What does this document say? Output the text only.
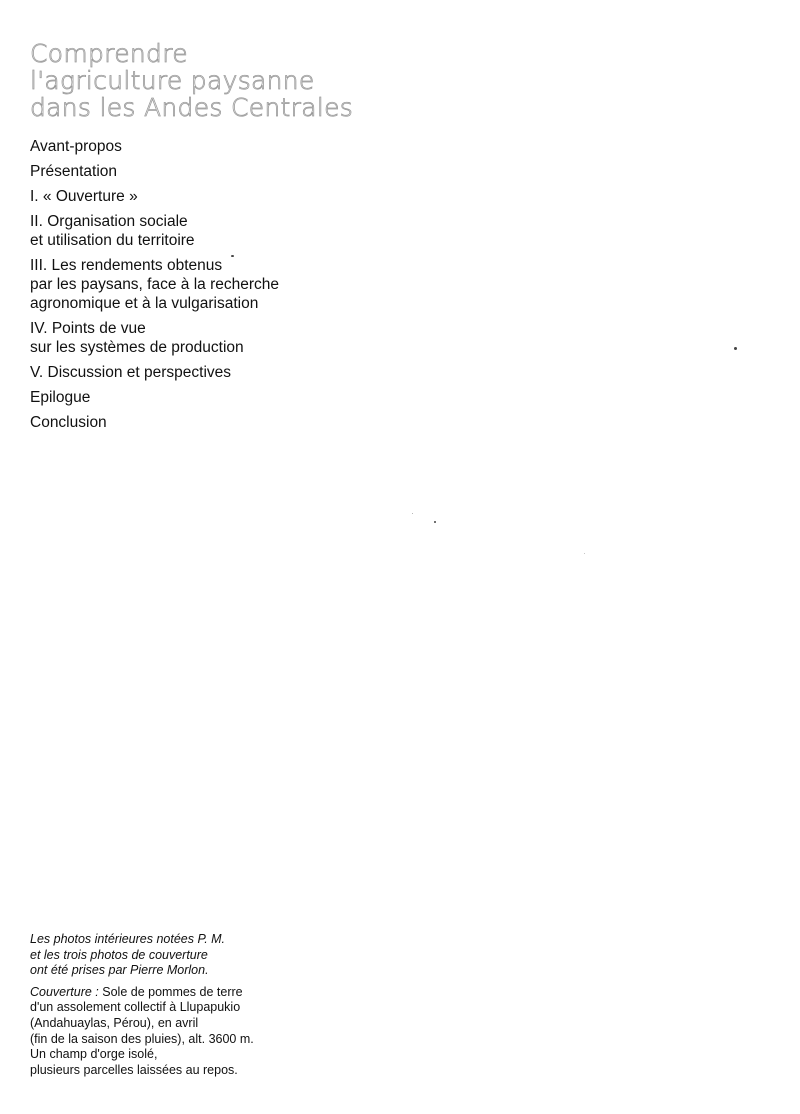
Comprendre
l'agriculture paysanne
dans les Andes Centrales
Avant-propos
Présentation
I. « Ouverture »
II. Organisation sociale
et utilisation du territoire
III. Les rendements obtenus
par les paysans, face à la recherche
agronomique et à la vulgarisation
IV. Points de vue
sur les systèmes de production
V. Discussion et perspectives
Epilogue
Conclusion

Les photos intérieures notées P. M.
et les trois photos de couverture
ont été prises par Pierre Morlon.

Couverture : Sole de pommes de terre
d'un assolement collectif à Llupapukio
(Andahuaylas, Pérou), en avril
(fin de la saison des pluies), alt. 3600 m.
Un champ d'orge isolé,
plusieurs parcelles laissées au repos.
